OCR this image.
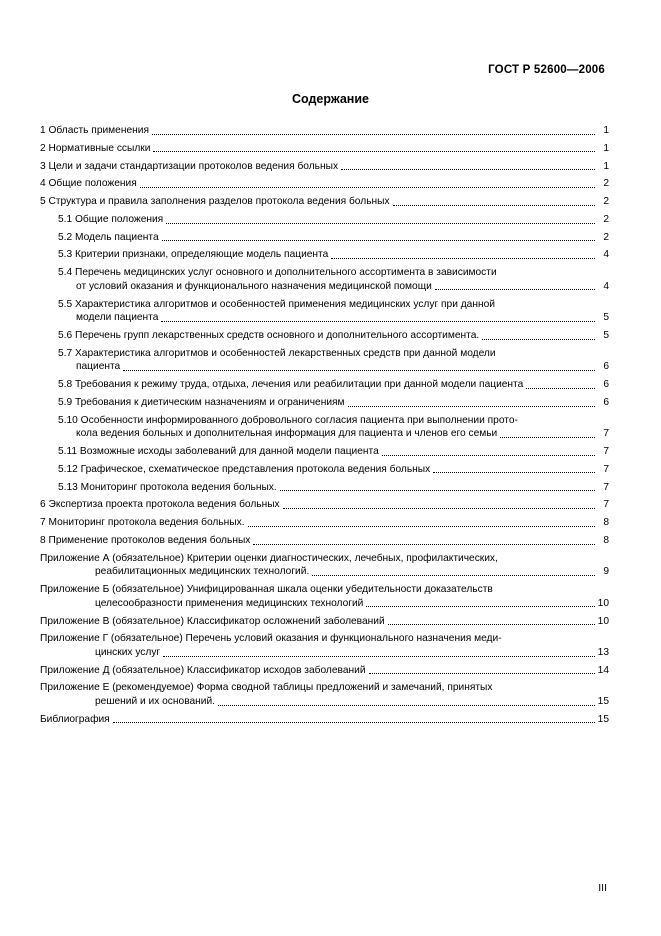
ГОСТ Р 52600—2006
Содержание
1 Область применения	1
2 Нормативные ссылки	1
3 Цели и задачи стандартизации протоколов ведения больных	1
4 Общие положения	2
5 Структура и правила заполнения разделов протокола ведения больных	2
5.1 Общие положения	2
5.2 Модель пациента	2
5.3 Критерии признаки, определяющие модель пациента	4
5.4 Перечень медицинских услуг основного и дополнительного ассортимента в зависимости
от условий оказания и функционального назначения медицинской помощи	4
5.5 Характеристика алгоритмов и особенностей применения медицинских услуг при данной
модели пациента	5
5.6 Перечень групп лекарственных средств основного и дополнительного ассортимента.	5
5.7 Характеристика алгоритмов и особенностей лекарственных средств при данной модели
пациента	6
5.8 Требования к режиму труда, отдыха, лечения или реабилитации при данной модели пациента	6
5.9 Требования к диетическим назначениям и ограничениям	6
5.10 Особенности информированного добровольного согласия пациента при выполнении прото-
кола ведения больных и дополнительная информация для пациента и членов его семьи	7
5.11 Возможные исходы заболеваний для данной модели пациента	7
5.12 Графическое, схематическое представления протокола ведения больных	7
5.13 Мониторинг протокола ведения больных.	7
6 Экспертиза проекта протокола ведения больных	7
7 Мониторинг протокола ведения больных.	8
8 Применение протоколов ведения больных	8
Приложение А (обязательное) Критерии оценки диагностических, лечебных, профилактических,
реабилитационных медицинских технологий.	9
Приложение Б (обязательное) Унифицированная шкала оценки убедительности доказательств
целесообразности применения медицинских технологий	10
Приложение В (обязательное) Классификатор осложнений заболеваний	10
Приложение Г (обязательное) Перечень условий оказания и функционального назначения меди-
цинских услуг	13
Приложение Д (обязательное) Классификатор исходов заболеваний	14
Приложение Е (рекомендуемое) Форма сводной таблицы предложений и замечаний, принятых
решений и их оснований.	15
Библиография	15
III
